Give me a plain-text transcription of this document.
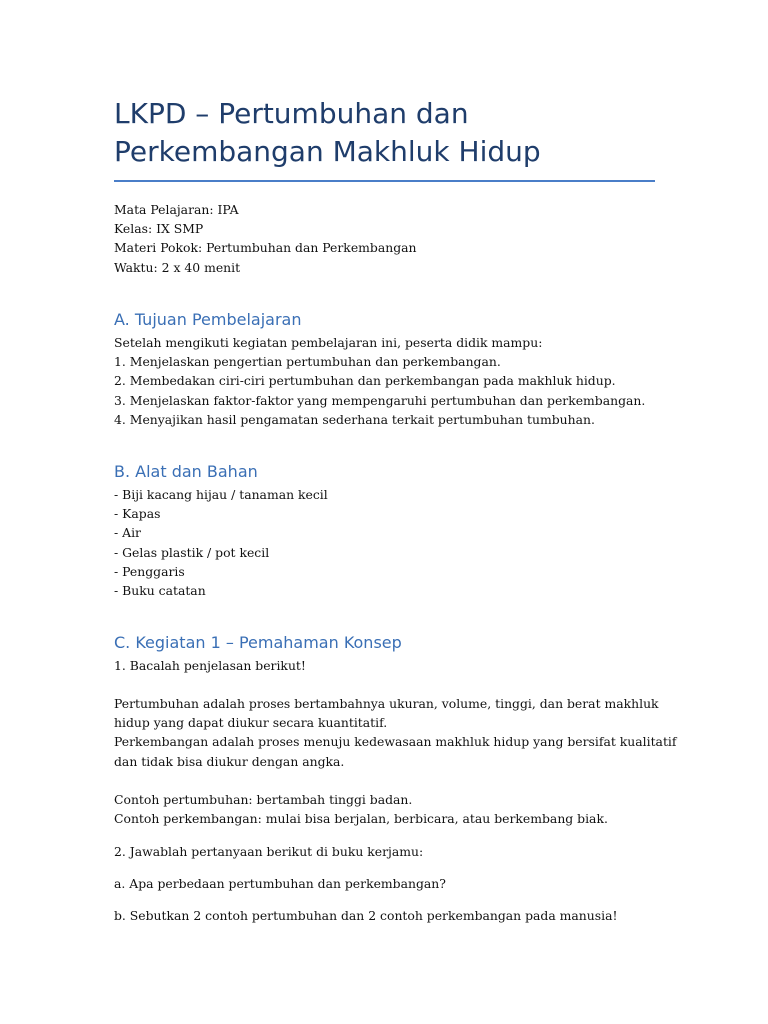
LKPD – Pertumbuhan dan
Perkembangan Makhluk Hidup
Mata Pelajaran: IPA
Kelas: IX SMP
Materi Pokok: Pertumbuhan dan Perkembangan
Waktu: 2 x 40 menit
A. Tujuan Pembelajaran
Setelah mengikuti kegiatan pembelajaran ini, peserta didik mampu:
1. Menjelaskan pengertian pertumbuhan dan perkembangan.
2. Membedakan ciri-ciri pertumbuhan dan perkembangan pada makhluk hidup.
3. Menjelaskan faktor-faktor yang mempengaruhi pertumbuhan dan perkembangan.
4. Menyajikan hasil pengamatan sederhana terkait pertumbuhan tumbuhan.
B. Alat dan Bahan
- Biji kacang hijau / tanaman kecil
- Kapas
- Air
- Gelas plastik / pot kecil
- Penggaris
- Buku catatan
C. Kegiatan 1 – Pemahaman Konsep
1. Bacalah penjelasan berikut!
Pertumbuhan adalah proses bertambahnya ukuran, volume, tinggi, dan berat makhluk
hidup yang dapat diukur secara kuantitatif.
Perkembangan adalah proses menuju kedewasaan makhluk hidup yang bersifat kualitatif
dan tidak bisa diukur dengan angka.
Contoh pertumbuhan: bertambah tinggi badan.
Contoh perkembangan: mulai bisa berjalan, berbicara, atau berkembang biak.
2. Jawablah pertanyaan berikut di buku kerjamu:
a. Apa perbedaan pertumbuhan dan perkembangan?
b. Sebutkan 2 contoh pertumbuhan dan 2 contoh perkembangan pada manusia!
